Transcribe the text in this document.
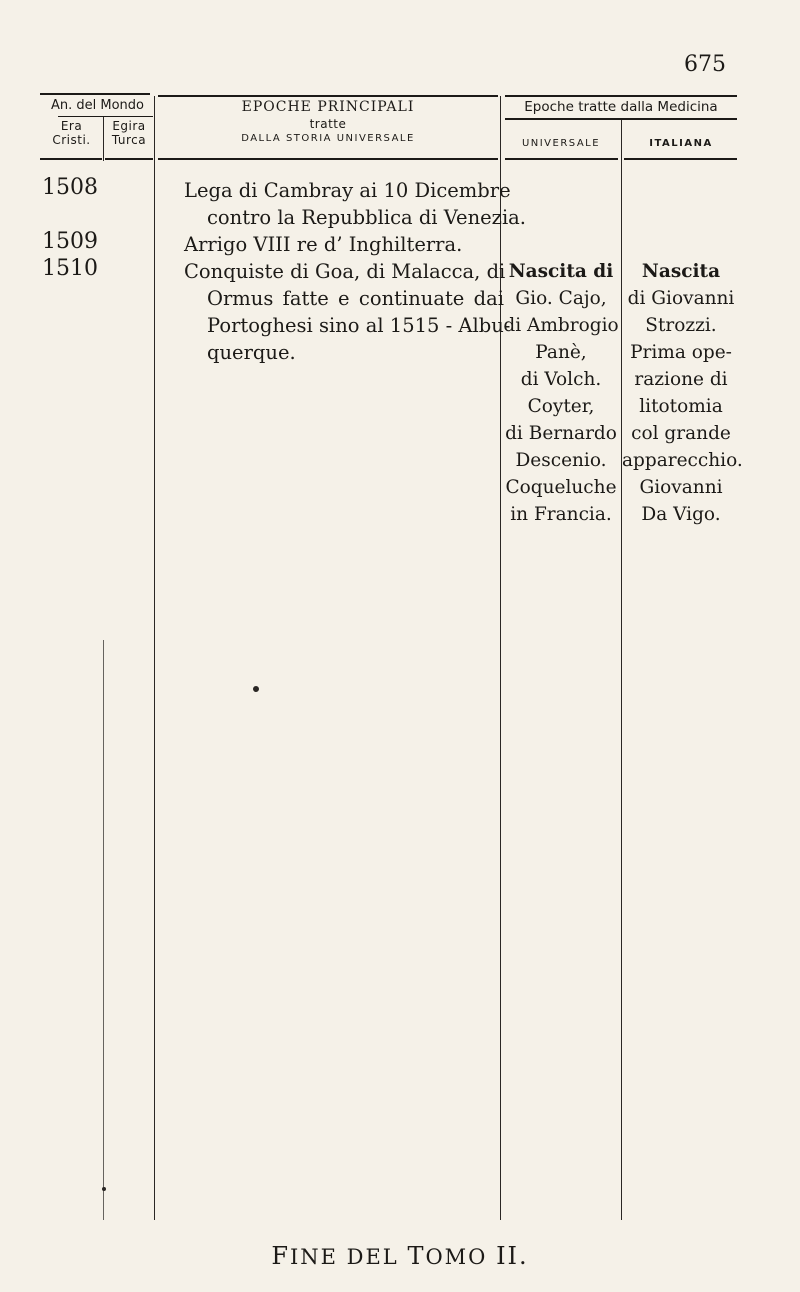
675
An. del Mondo
Era
Cristi.
Egira
Turca
EPOCHE PRINCIPALI
tratte
DALLA STORIA UNIVERSALE
Epoche tratte dalla Medicina
UNIVERSALE	ITALIANA
1508
1509
1510
Lega di Cambray ai 10 Dicembre
contro la Repubblica di Venezia.
Arrigo VIII re d’ Inghilterra.
Conquiste di Goa, di Malacca, di
Ormus fatte e continuate dai
Portoghesi sino al 1515 - Albu-
querque.
Nascita di
Gio. Cajo,
di Ambrogio
Panè,
di Volch.
Coyter,
di Bernardo
Descenio.
Coqueluche
in Francia.
Nascita
di Giovanni
Strozzi.
Prima ope-
razione di
litotomia
col grande
apparecchio.
Giovanni
Da Vigo.
FINE DEL TOMO II.
